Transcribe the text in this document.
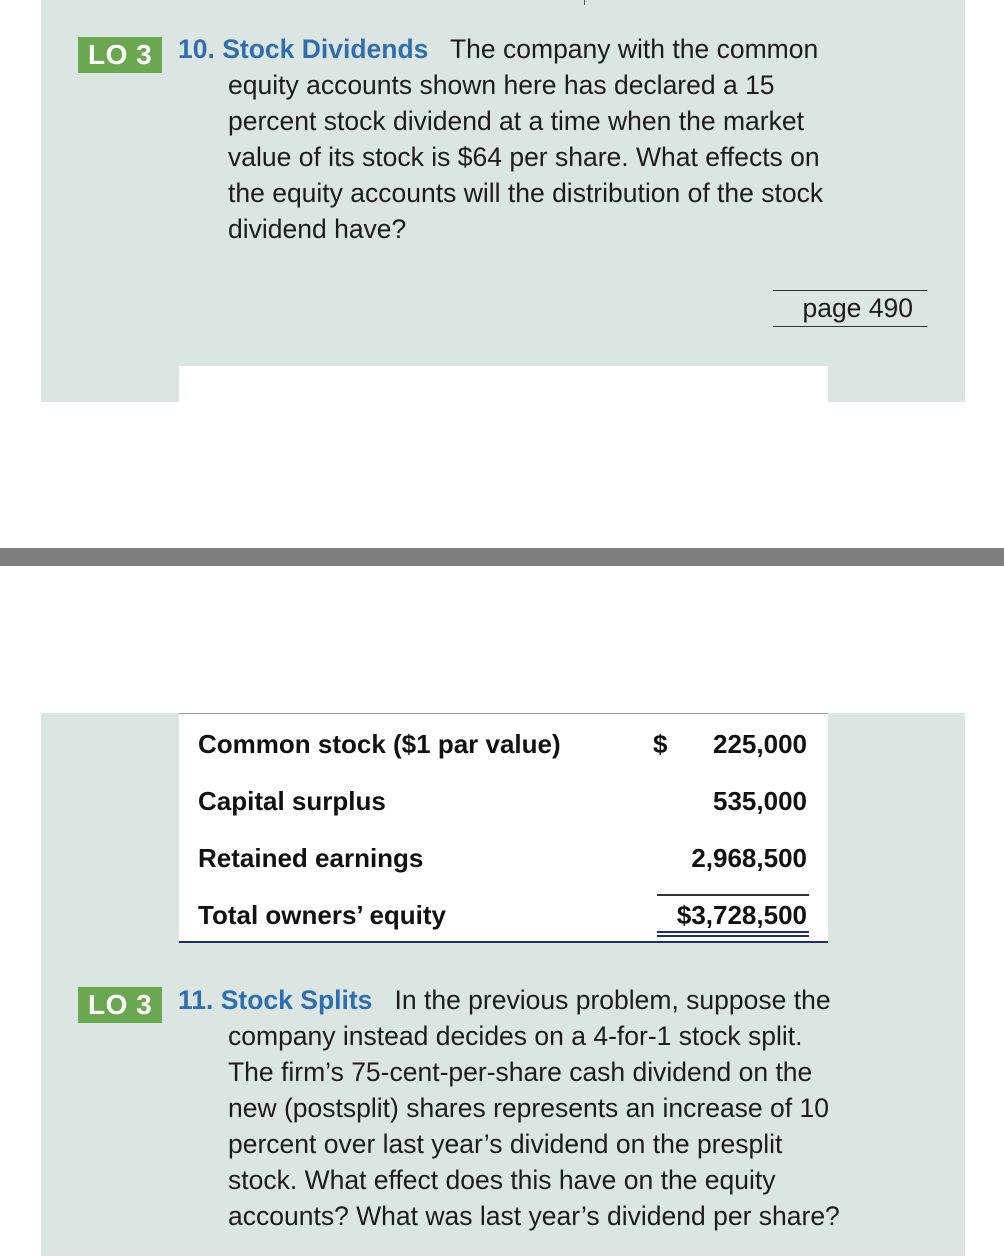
LO 3 10. Stock Dividends The company with the common
equity accounts shown here has declared a 15
percent stock dividend at a time when the market
value of its stock is $64 per share. What effects on
the equity accounts will the distribution of the stock
dividend have?
page 490
Common stock ($1 par value)	$ 225,000
Capital surplus	535,000
Retained earnings	2,968,500
Total owners’ equity	$3,728,500
LO 3 11. Stock Splits In the previous problem, suppose the
company instead decides on a 4-for-1 stock split.
The firm’s 75-cent-per-share cash dividend on the
new (postsplit) shares represents an increase of 10
percent over last year’s dividend on the presplit
stock. What effect does this have on the equity
accounts? What was last year’s dividend per share?
